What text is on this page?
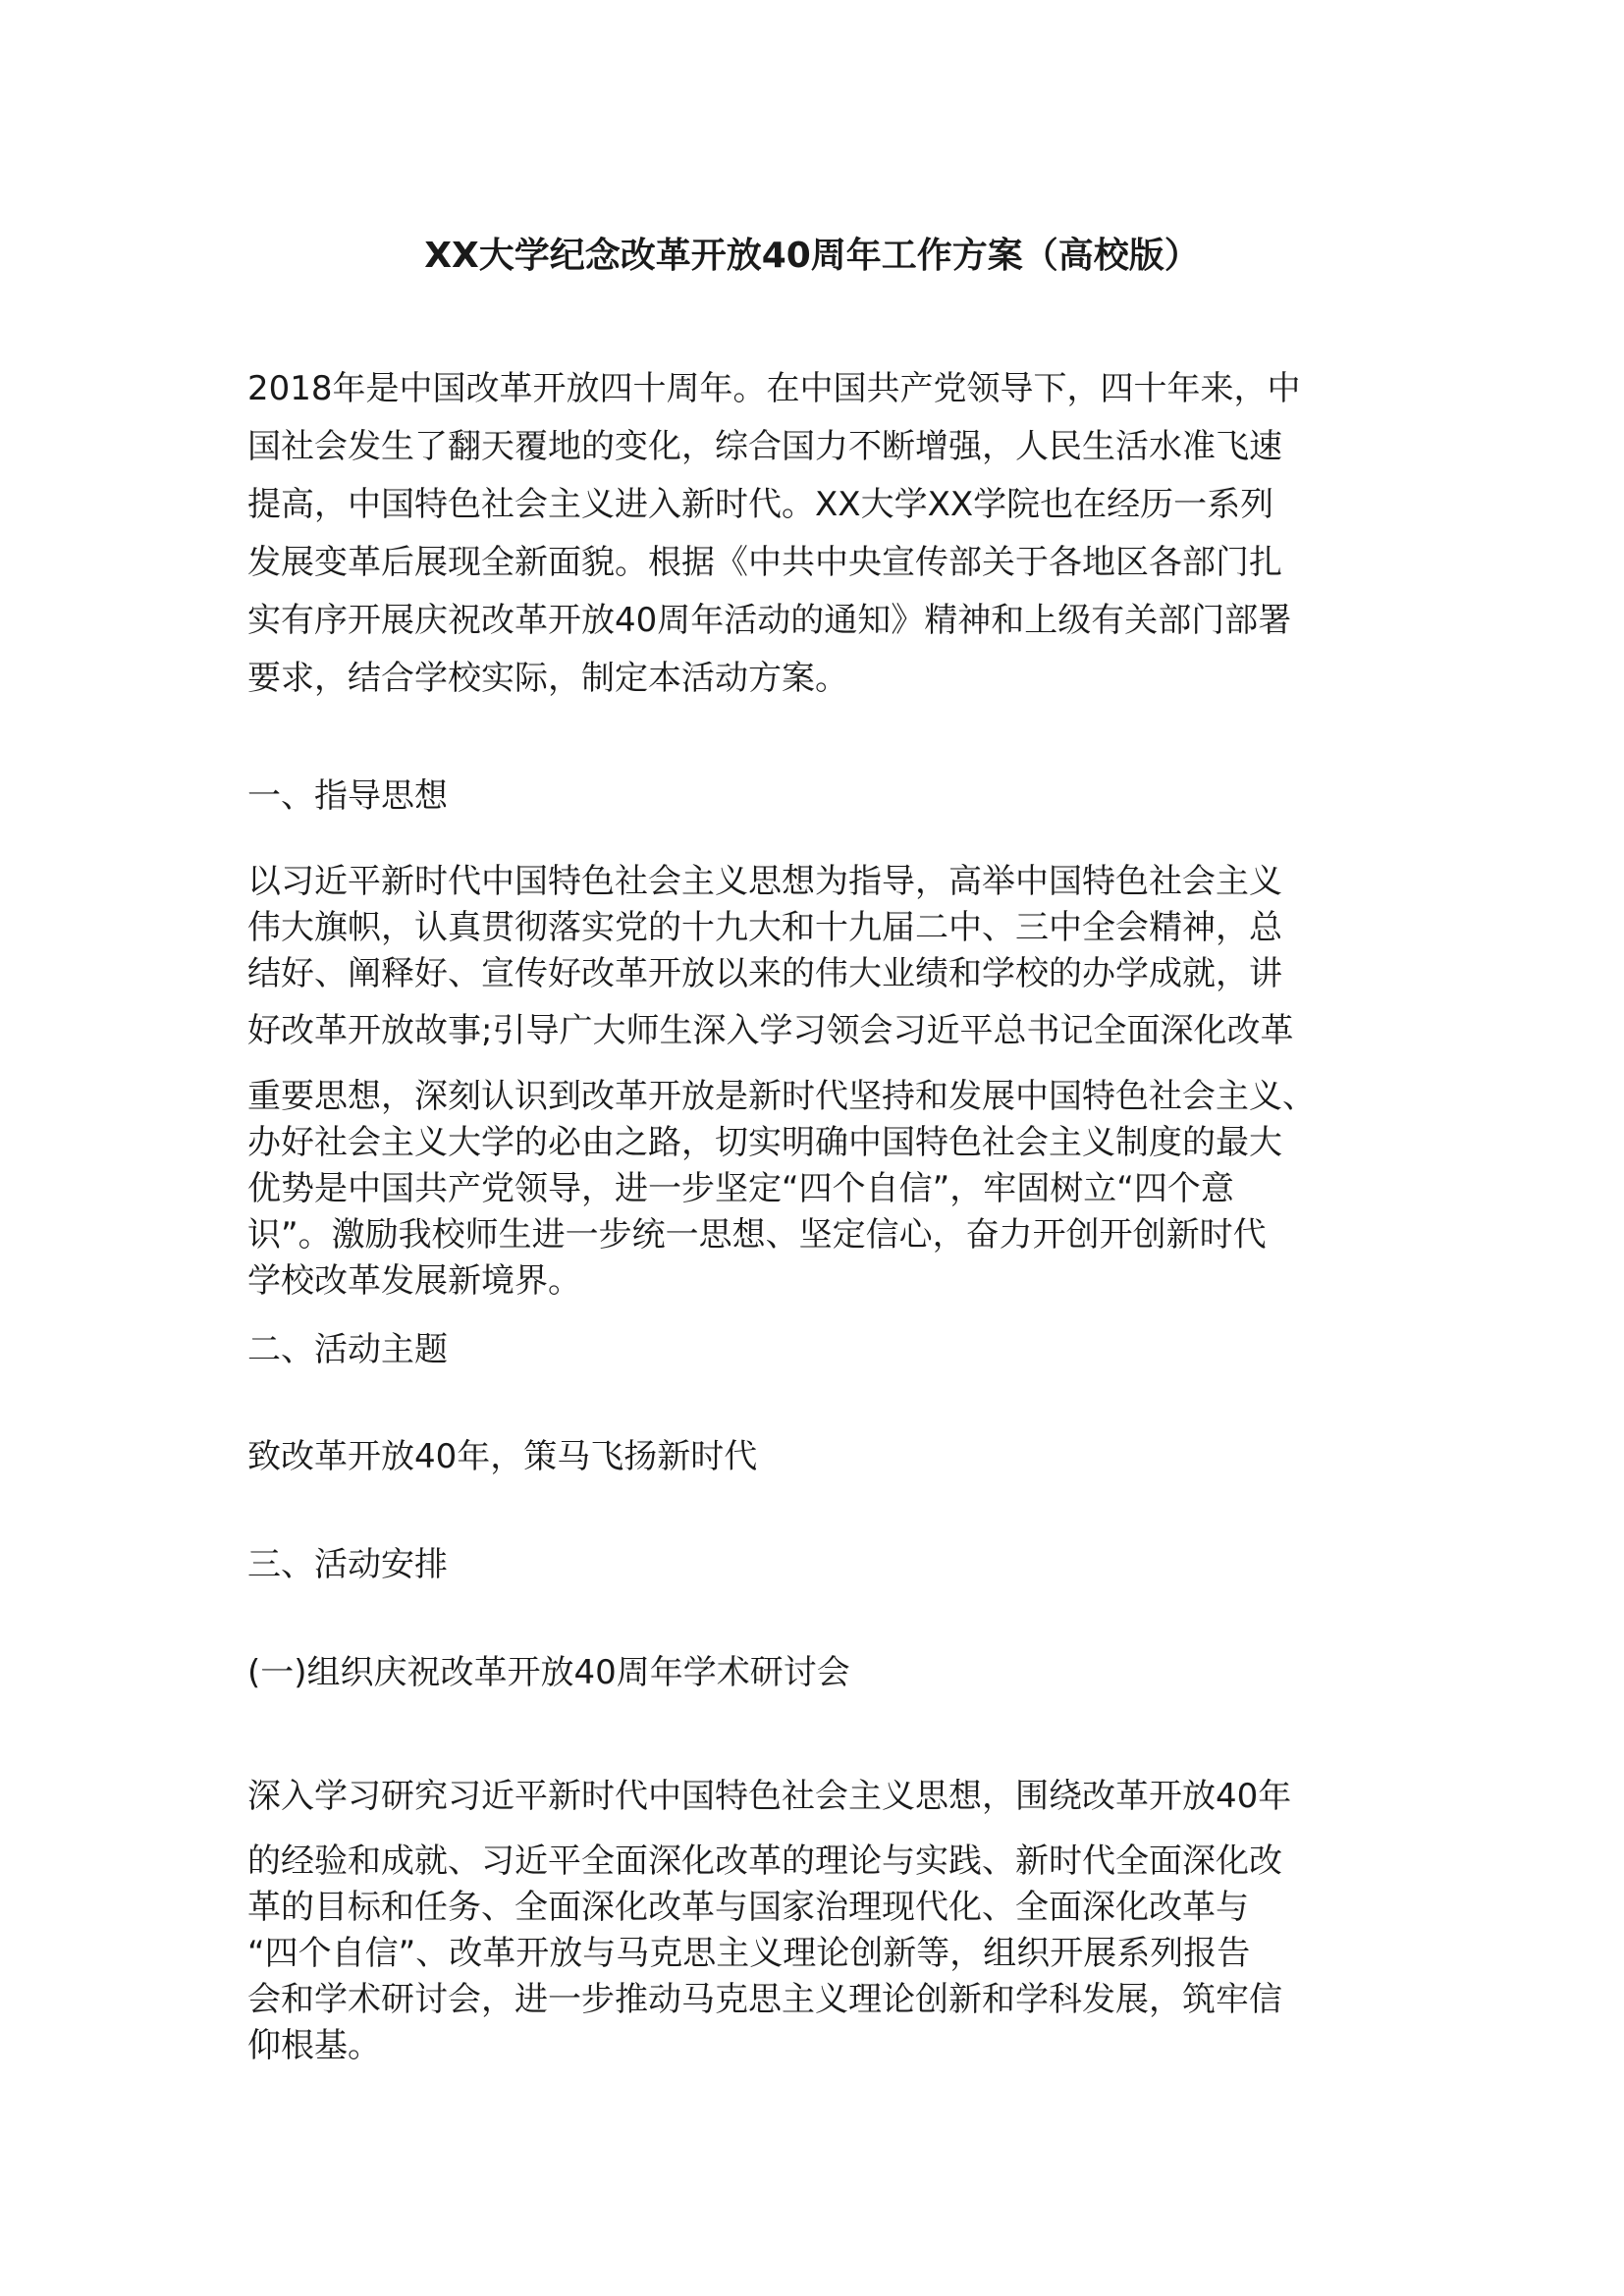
XX大学纪念改革开放40周年工作方案（高校版）
2018年是中国改革开放四十周年。在中国共产党领导下，四十年来，中
国社会发生了翻天覆地的变化，综合国力不断增强，人民生活水准飞速
提高，中国特色社会主义进入新时代。XX大学XX学院也在经历一系列
发展变革后展现全新面貌。根据《中共中央宣传部关于各地区各部门扎
实有序开展庆祝改革开放40周年活动的通知》精神和上级有关部门部署
要求，结合学校实际，制定本活动方案。
一、指导思想
以习近平新时代中国特色社会主义思想为指导，高举中国特色社会主义
伟大旗帜，认真贯彻落实党的十九大和十九届二中、三中全会精神，总
结好、阐释好、宣传好改革开放以来的伟大业绩和学校的办学成就，讲
好改革开放故事;引导广大师生深入学习领会习近平总书记全面深化改革
重要思想，深刻认识到改革开放是新时代坚持和发展中国特色社会主义、
办好社会主义大学的必由之路，切实明确中国特色社会主义制度的最大
优势是中国共产党领导，进一步坚定“四个自信”，牢固树立“四个意
识”。激励我校师生进一步统一思想、坚定信心，奋力开创开创新时代
学校改革发展新境界。
二、活动主题
致改革开放40年，策马飞扬新时代
三、活动安排
(一)组织庆祝改革开放40周年学术研讨会
深入学习研究习近平新时代中国特色社会主义思想，围绕改革开放40年
的经验和成就、习近平全面深化改革的理论与实践、新时代全面深化改
革的目标和任务、全面深化改革与国家治理现代化、全面深化改革与
“四个自信”、改革开放与马克思主义理论创新等，组织开展系列报告
会和学术研讨会，进一步推动马克思主义理论创新和学科发展，筑牢信
仰根基。
